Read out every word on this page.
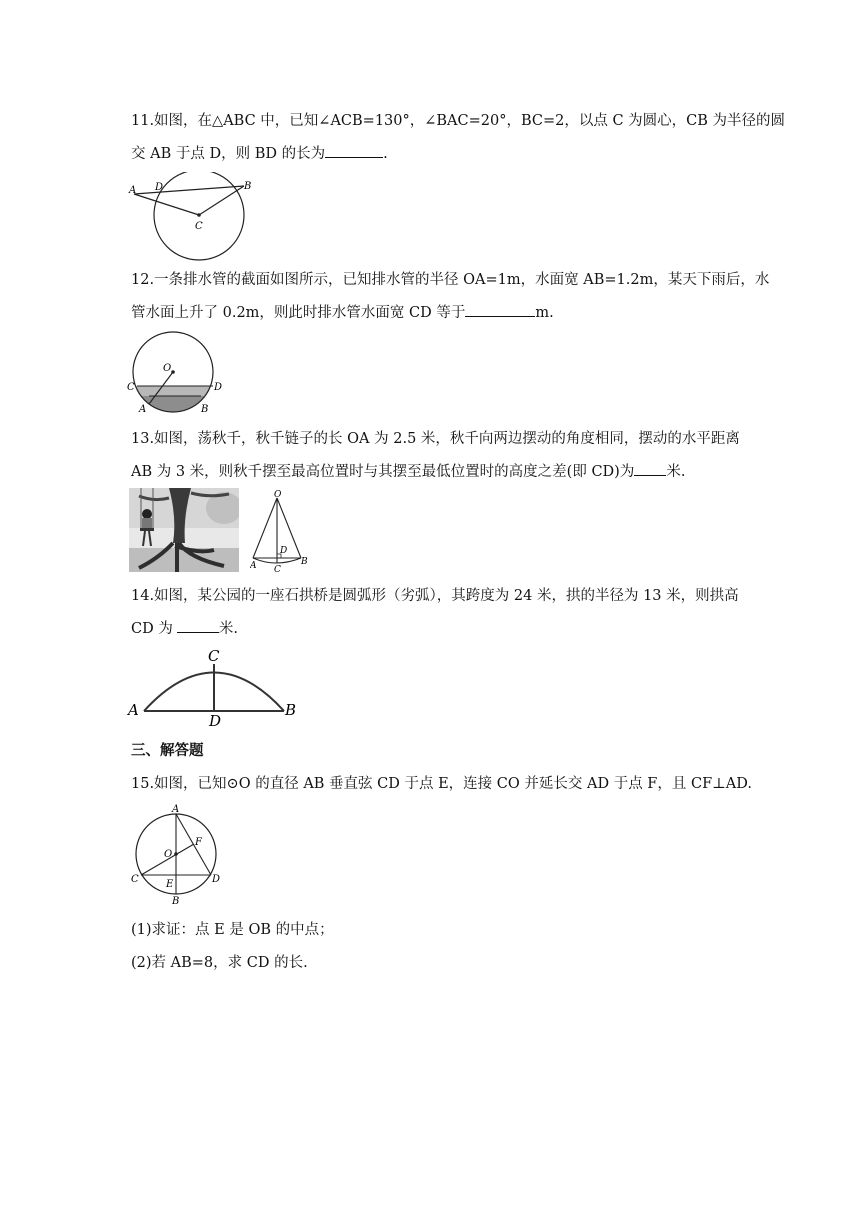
11.如图，在△ABC 中，已知∠ACB=130°，∠BAC=20°，BC=2，以点 C 为圆心，CB 为半径的圆
交 AB 于点 D，则 BD 的长为	.
A D	B
C
12.一条排水管的截面如图所示，已知排水管的半径 OA=1m，水面宽 AB=1.2m，某天下雨后，水
管水面上升了 0.2m，则此时排水管水面宽 CD 等于	m.
O
C	D
A	B
13.如图，荡秋千，秋千链子的长 OA 为 2.5 米，秋千向两边摆动的角度相同，摆动的水平距离
AB 为 3 米，则秋千摆至最高位置时与其摆至最低位置时的高度之差(即 CD)为 米.
O
D
A C
B
14.如图，某公园的一座石拱桥是圆弧形（劣弧），其跨度为 24 米，拱的半径为 13 米，则拱高
CD 为	米.
A	B
C
D
三、解答题
15.如图，已知⊙O 的直径 AB 垂直弦 CD 于点 E，连接 CO 并延长交 AD 于点 F，且 CF⊥AD.
A
O
F
C	E	D
B
(1)求证：点 E 是 OB 的中点；
(2)若 AB=8，求 CD 的长.
